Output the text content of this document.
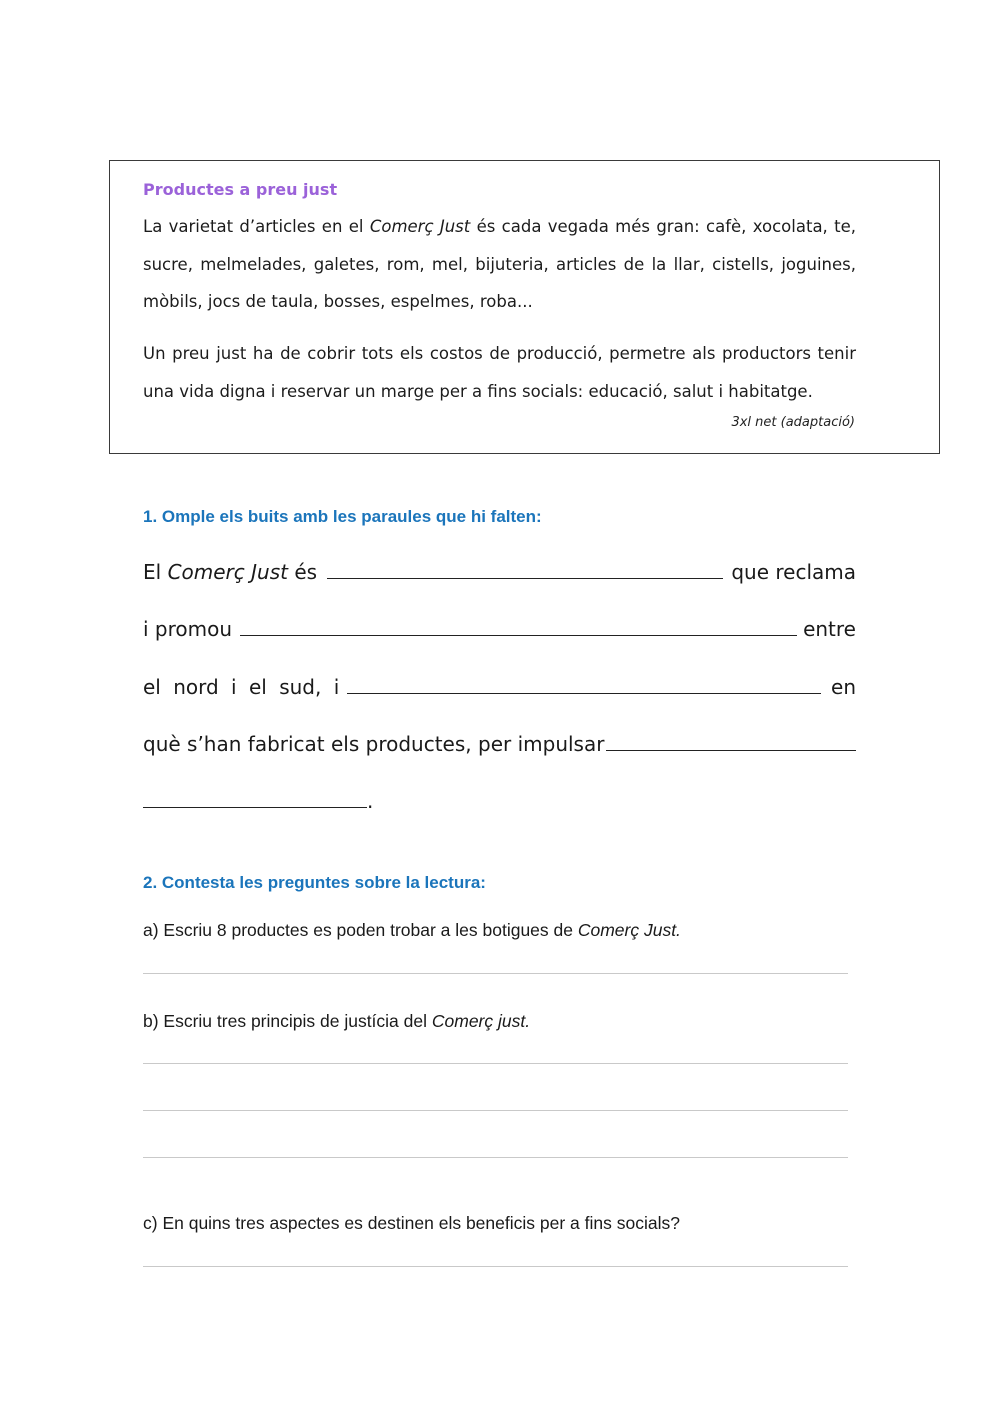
Productes a preu just

La varietat d’articles en el Comerç Just és cada vegada més gran: cafè, xocolata, te, sucre, melmelades, galetes, rom, mel, bijuteria, articles de la llar, cistells, joguines, mòbils, jocs de taula, bosses, espelmes, roba...

Un preu just ha de cobrir tots els costos de producció, permetre als productors tenir una vida digna i reservar un marge per a fins socials: educació, salut i habitatge.

3xl net (adaptació)

1. Omple els buits amb les paraules que hi falten:
El Comerç Just és	que reclama
i promou	entre
el nord i el sud, i	en
què s’han fabricat els productes, per impulsar
.
2. Contesta les preguntes sobre la lectura:

a) Escriu 8 productes es poden trobar a les botigues de Comerç Just.

b) Escriu tres principis de justícia del Comerç just.

c) En quins tres aspectes es destinen els beneficis per a fins socials?
